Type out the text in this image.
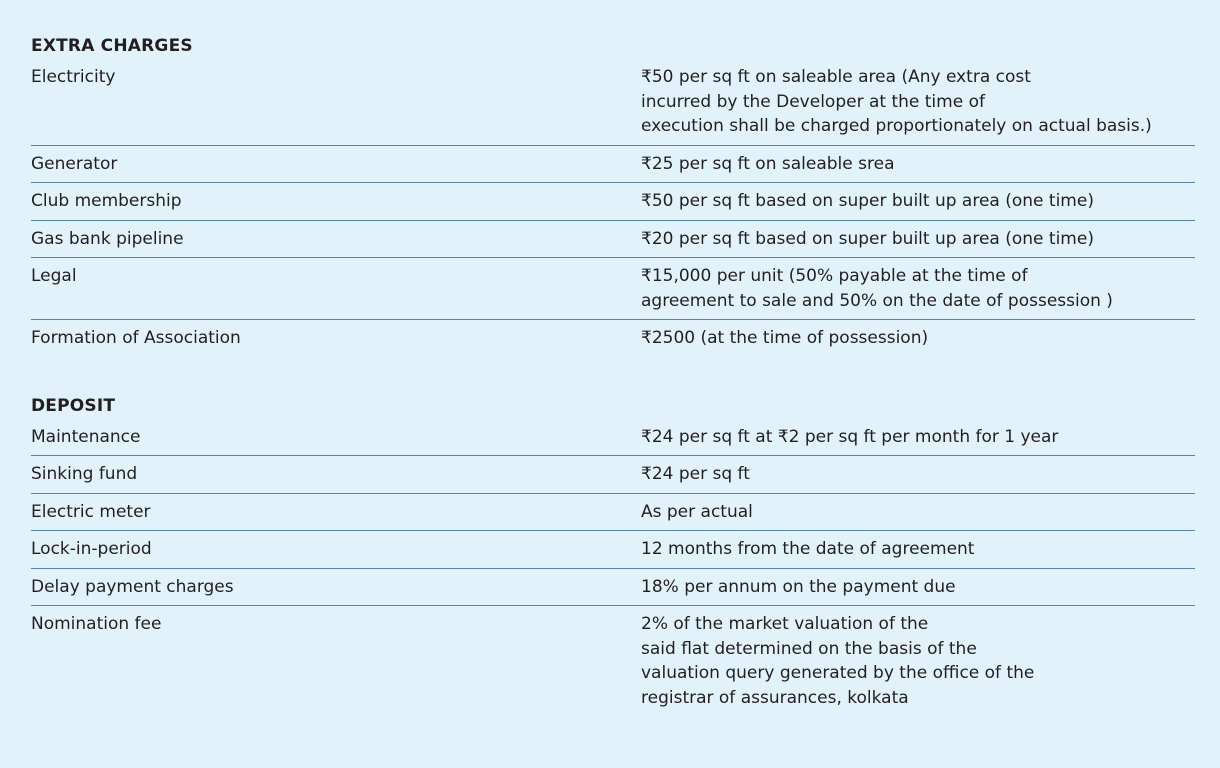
EXTRA CHARGES
Electricity	₹50 per sq ft on saleable area (Any extra cost
incurred by the Developer at the time of
execution shall be charged proportionately on actual basis.)
Generator	₹25 per sq ft on saleable srea
Club membership	₹50 per sq ft based on super built up area (one time)
Gas bank pipeline	₹20 per sq ft based on super built up area (one time)
Legal	₹15,000 per unit (50% payable at the time of
agreement to sale and 50% on the date of possession )
Formation of Association	₹2500 (at the time of possession)
DEPOSIT
Maintenance	₹24 per sq ft at ₹2 per sq ft per month for 1 year
Sinking fund	₹24 per sq ft
Electric meter	As per actual
Lock-in-period	12 months from the date of agreement
Delay payment charges	18% per annum on the payment due
Nomination fee	2% of the market valuation of the
said flat determined on the basis of the
valuation query generated by the office of the
registrar of assurances, kolkata
